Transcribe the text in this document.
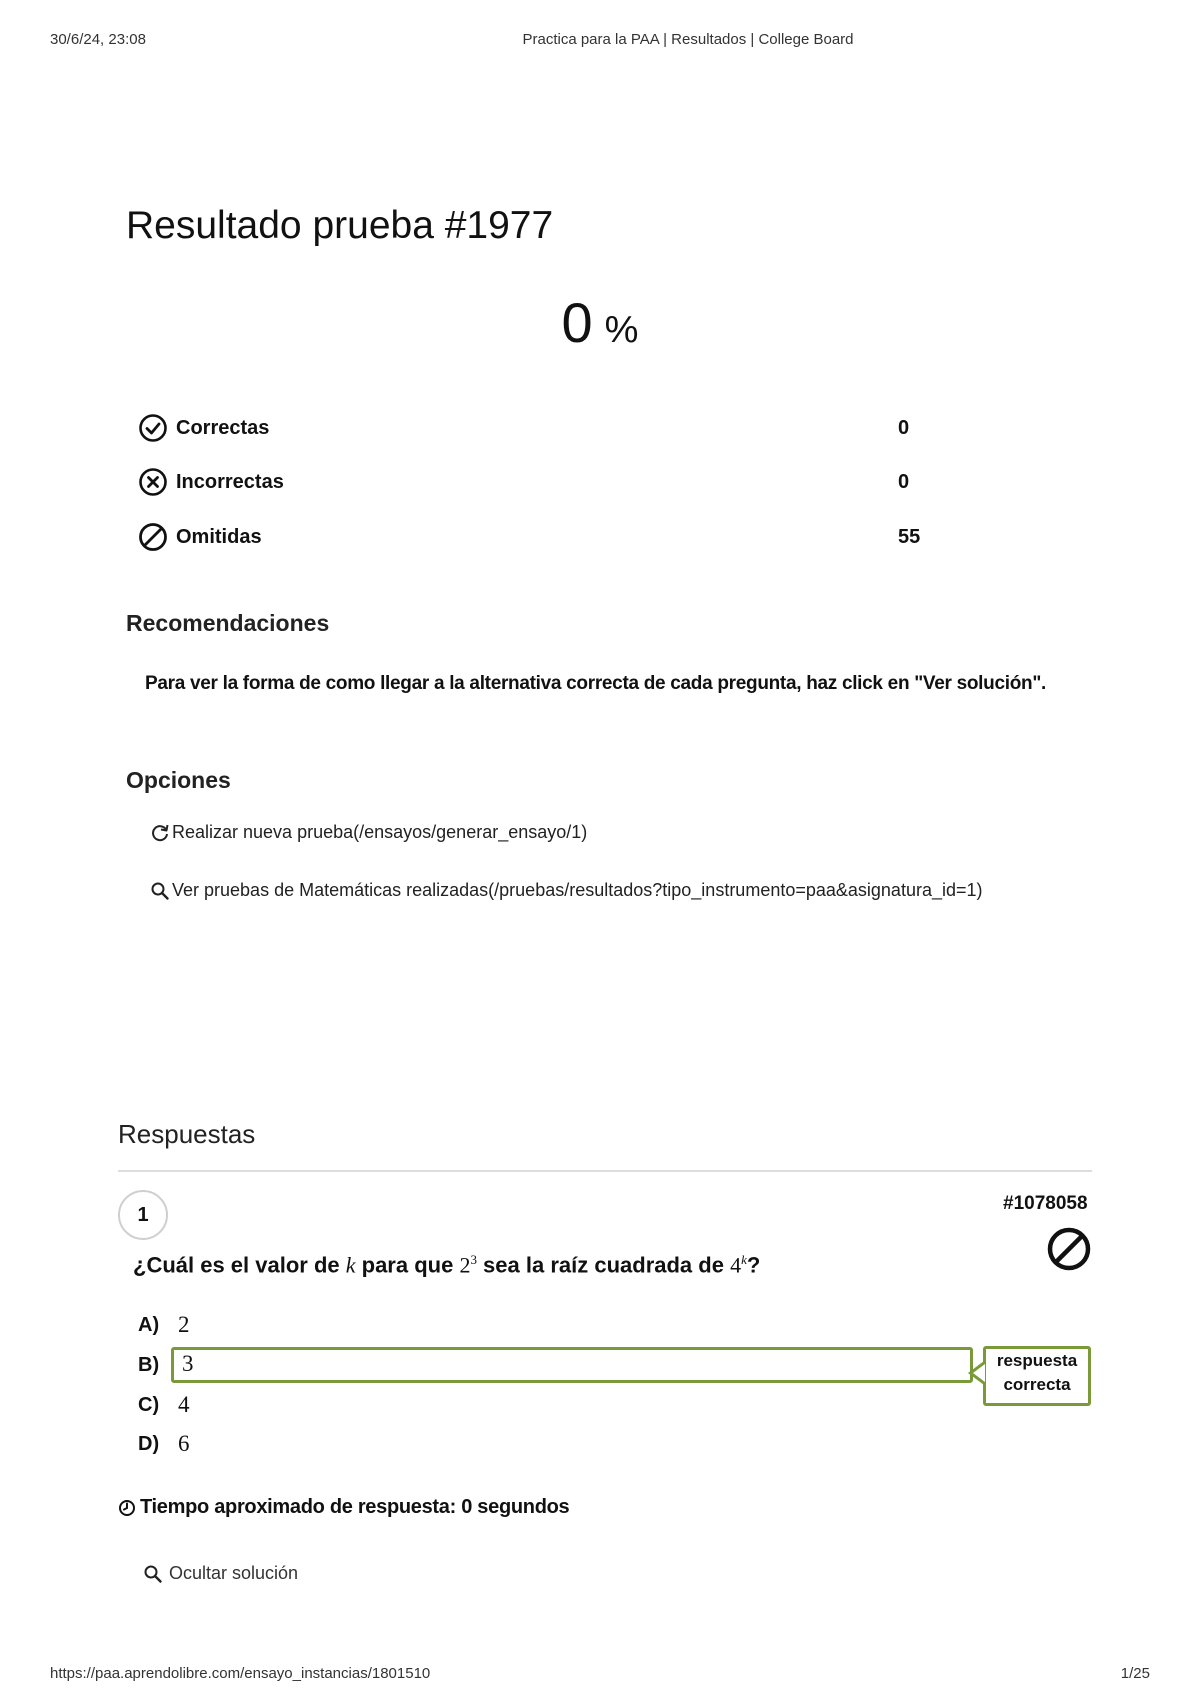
30/6/24, 23:08	Practica para la PAA | Resultados | College Board
Resultado prueba #1977
0 %
Correctas	0
Incorrectas	0
Omitidas	55
Recomendaciones
Para ver la forma de como llegar a la alternativa correcta de cada pregunta, haz click en "Ver solución".
Opciones
Realizar nueva prueba(/ensayos/generar_ensayo/1)
Ver pruebas de Matemáticas realizadas(/pruebas/resultados?tipo_instrumento=paa&asignatura_id=1)
Respuestas
1
#1078058
¿Cuál es el valor de k para que $2^3$ sea la raíz cuadrada de 4$^k$?
A) 2
B) 3
C) 4
D) 6
respuesta
correcta
Tiempo aproximado de respuesta: 0 segundos
Ocultar solución
https://paa.aprendolibre.com/ensayo_instancias/1801510	1/25
